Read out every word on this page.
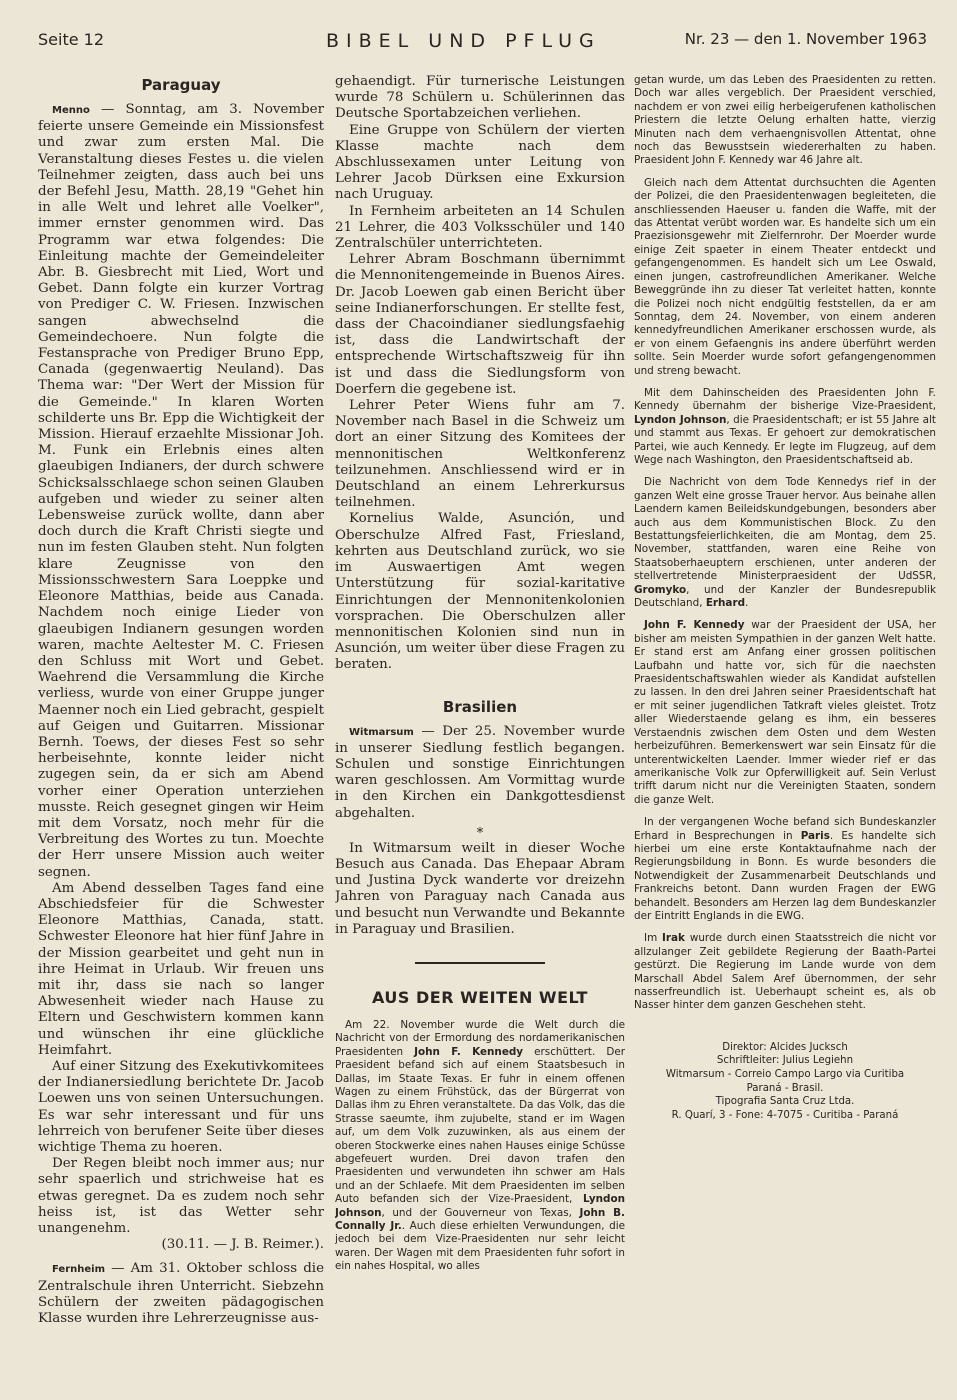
Seite 12	BIBEL UND PFLUG	Nr. 23 — den 1. November 1963
Paraguay

Menno — Sonntag, am 3. November feierte unsere Gemeinde ein Missionsfest und zwar zum ersten Mal. Die Veranstaltung dieses Festes u. die vielen Teilnehmer zeigten, dass auch bei uns der Befehl Jesu, Matth. 28,19 "Gehet hin in alle Welt und lehret alle Voelker", immer ernster genommen wird. Das Programm war etwa folgendes: Die Einleitung machte der Gemeindeleiter Abr. B. Giesbrecht mit Lied, Wort und Gebet. Dann folgte ein kurzer Vortrag von Prediger C. W. Friesen. Inzwischen sangen abwechselnd die Gemeindechoere. Nun folgte die Festansprache von Prediger Bruno Epp, Canada (gegenwaertig Neuland). Das Thema war: "Der Wert der Mission für die Gemeinde." In klaren Worten schilderte uns Br. Epp die Wichtigkeit der Mission. Hierauf erzaehlte Missionar Joh. M. Funk ein Erlebnis eines alten glaeubigen Indianers, der durch schwere Schicksalsschlaege schon seinen Glauben aufgeben und wieder zu seiner alten Lebensweise zurück wollte, dann aber doch durch die Kraft Christi siegte und nun im festen Glauben steht. Nun folgten klare Zeugnisse von den Missionsschwestern Sara Loeppke und Eleonore Matthias, beide aus Canada. Nachdem noch einige Lieder von glaeubigen Indianern gesungen worden waren, machte Aeltester M. C. Friesen den Schluss mit Wort und Gebet. Waehrend die Versammlung die Kirche verliess, wurde von einer Gruppe junger Maenner noch ein Lied gebracht, gespielt auf Geigen und Guitarren. Missionar Bernh. Toews, der dieses Fest so sehr herbeisehnte, konnte leider nicht zugegen sein, da er sich am Abend vorher einer Operation unterziehen musste. Reich gesegnet gingen wir Heim mit dem Vorsatz, noch mehr für die Verbreitung des Wortes zu tun. Moechte der Herr unsere Mission auch weiter segnen.

Am Abend desselben Tages fand eine Abschiedsfeier für die Schwester Eleonore Matthias, Canada, statt. Schwester Eleonore hat hier fünf Jahre in der Mission gearbeitet und geht nun in ihre Heimat in Urlaub. Wir freuen uns mit ihr, dass sie nach so langer Abwesenheit wieder nach Hause zu Eltern und Geschwistern kommen kann und wünschen ihr eine glückliche Heimfahrt.

Auf einer Sitzung des Exekutivkomitees der Indianersiedlung berichtete Dr. Jacob Loewen uns von seinen Untersuchungen. Es war sehr interessant und für uns lehrreich von berufener Seite über dieses wichtige Thema zu hoeren.

Der Regen bleibt noch immer aus; nur sehr spaerlich und strichweise hat es etwas geregnet. Da es zudem noch sehr heiss ist, ist das Wetter sehr unangenehm.

(30.11. — J. B. Reimer.).

Fernheim — Am 31. Oktober schloss die Zentralschule ihren Unterricht. Siebzehn Schülern der zweiten pädagogischen Klasse wurden ihre Lehrerzeugnisse aus-

gehaendigt. Für turnerische Leistungen wurde 78 Schülern u. Schülerinnen das Deutsche Sportabzeichen verliehen.

Eine Gruppe von Schülern der vierten Klasse machte nach dem Abschlussexamen unter Leitung von Lehrer Jacob Dürksen eine Exkursion nach Uruguay.

In Fernheim arbeiteten an 14 Schulen 21 Lehrer, die 403 Volksschüler und 140 Zentralschüler unterrichteten.

Lehrer Abram Boschmann übernimmt die Mennonitengemeinde in Buenos Aires. Dr. Jacob Loewen gab einen Bericht über seine Indianerforschungen. Er stellte fest, dass der Chacoindianer siedlungsfaehig ist, dass die Landwirtschaft der entsprechende Wirtschaftszweig für ihn ist und dass die Siedlungsform von Doerfern die gegebene ist.

Lehrer Peter Wiens fuhr am 7. November nach Basel in die Schweiz um dort an einer Sitzung des Komitees der mennonitischen Weltkonferenz teilzunehmen. Anschliessend wird er in Deutschland an einem Lehrerkursus teilnehmen.

Kornelius Walde, Asunción, und Oberschulze Alfred Fast, Friesland, kehrten aus Deutschland zurück, wo sie im Auswaertigen Amt wegen Unterstützung für sozial-karitative Einrichtungen der Mennonitenkolonien vorsprachen. Die Oberschulzen aller mennonitischen Kolonien sind nun in Asunción, um weiter über diese Fragen zu beraten.

Brasilien

Witmarsum — Der 25. November wurde in unserer Siedlung festlich begangen. Schulen und sonstige Einrichtungen waren geschlossen. Am Vormittag wurde in den Kirchen ein Dankgottesdienst abgehalten.

*

In Witmarsum weilt in dieser Woche Besuch aus Canada. Das Ehepaar Abram und Justina Dyck wanderte vor dreizehn Jahren von Paraguay nach Canada aus und besucht nun Verwandte und Bekannte in Paraguay und Brasilien.

AUS DER WEITEN WELT

Am 22. November wurde die Welt durch die Nachricht von der Ermordung des nordamerikanischen Praesidenten John F. Kennedy erschüttert. Der Praesident befand sich auf einem Staatsbesuch in Dallas, im Staate Texas. Er fuhr in einem offenen Wagen zu einem Frühstück, das der Bürgerrat von Dallas ihm zu Ehren veranstaltete. Da das Volk, das die Strasse saeumte, ihm zujubelte, stand er im Wagen auf, um dem Volk zuzuwinken, als aus einem der oberen Stockwerke eines nahen Hauses einige Schüsse abgefeuert wurden. Drei davon trafen den Praesidenten und verwundeten ihn schwer am Hals und an der Schlaefe. Mit dem Praesidenten im selben Auto befanden sich der Vize-Praesident, Lyndon Johnson, und der Gouverneur von Texas, John B. Connally Jr.. Auch diese erhielten Verwundungen, die jedoch bei dem Vize-Praesidenten nur sehr leicht waren. Der Wagen mit dem Praesidenten fuhr sofort in ein nahes Hospital, wo alles

getan wurde, um das Leben des Praesidenten zu retten. Doch war alles vergeblich. Der Praesident verschied, nachdem er von zwei eilig herbeigerufenen katholischen Priestern die letzte Oelung erhalten hatte, vierzig Minuten nach dem verhaengnisvollen Attentat, ohne noch das Bewusstsein wiedererhalten zu haben. Praesident John F. Kennedy war 46 Jahre alt.

Gleich nach dem Attentat durchsuchten die Agenten der Polizei, die den Praesidentenwagen begleiteten, die anschliessenden Haeuser u. fanden die Waffe, mit der das Attentat verübt worden war. Es handelte sich um ein Praezisionsgewehr mit Zielfernrohr. Der Moerder wurde einige Zeit spaeter in einem Theater entdeckt und gefangengenommen. Es handelt sich um Lee Oswald, einen jungen, castrofreundlichen Amerikaner. Welche Beweggründe ihn zu dieser Tat verleitet hatten, konnte die Polizei noch nicht endgültig feststellen, da er am Sonntag, dem 24. November, von einem anderen kennedyfreundlichen Amerikaner erschossen wurde, als er von einem Gefaengnis ins andere überführt werden sollte. Sein Moerder wurde sofort gefangengenommen und streng bewacht.

Mit dem Dahinscheiden des Praesidenten John F. Kennedy übernahm der bisherige Vize-Praesident, Lyndon Johnson, die Praesidentschaft; er ist 55 Jahre alt und stammt aus Texas. Er gehoert zur demokratischen Partei, wie auch Kennedy. Er legte im Flugzeug, auf dem Wege nach Washington, den Praesidentschaftseid ab.

Die Nachricht von dem Tode Kennedys rief in der ganzen Welt eine grosse Trauer hervor. Aus beinahe allen Laendern kamen Beileidskundgebungen, besonders aber auch aus dem Kommunistischen Block. Zu den Bestattungsfeierlichkeiten, die am Montag, dem 25. November, stattfanden, waren eine Reihe von Staatsoberhaeuptern erschienen, unter anderen der stellvertretende Ministerpraesident der UdSSR, Gromyko, und der Kanzler der Bundesrepublik Deutschland, Erhard.

John F. Kennedy war der Praesident der USA, her bisher am meisten Sympathien in der ganzen Welt hatte. Er stand erst am Anfang einer grossen politischen Laufbahn und hatte vor, sich für die naechsten Praesidentschaftswahlen wieder als Kandidat aufstellen zu lassen. In den drei Jahren seiner Praesidentschaft hat er mit seiner jugendlichen Tatkraft vieles gleistet. Trotz aller Wiederstaende gelang es ihm, ein besseres Verstaendnis zwischen dem Osten und dem Westen herbeizuführen. Bemerkenswert war sein Einsatz für die unterentwickelten Laender. Immer wieder rief er das amerikanische Volk zur Opferwilligkeit auf. Sein Verlust trifft darum nicht nur die Vereinigten Staaten, sondern die ganze Welt.

In der vergangenen Woche befand sich Bundeskanzler Erhard in Besprechungen in Paris. Es handelte sich hierbei um eine erste Kontaktaufnahme nach der Regierungsbildung in Bonn. Es wurde besonders die Notwendigkeit der Zusammenarbeit Deutschlands und Frankreichs betont. Dann wurden Fragen der EWG behandelt. Besonders am Herzen lag dem Bundeskanzler der Eintritt Englands in die EWG.

Im Irak wurde durch einen Staatsstreich die nicht vor allzulanger Zeit gebildete Regierung der Baath-Partei gestürzt. Die Regierung im Lande wurde von dem Marschall Abdel Salem Aref übernommen, der sehr nasserfreundlich ist. Ueberhaupt scheint es, als ob Nasser hinter dem ganzen Geschehen steht.

Direktor: Alcides Jucksch
Schriftleiter: Julius Legiehn
Witmarsum - Correio Campo Largo via Curitiba
Paraná - Brasil.
Tipografia Santa Cruz Ltda.
R. Quarí, 3 - Fone: 4-7075 - Curitiba - Paraná
